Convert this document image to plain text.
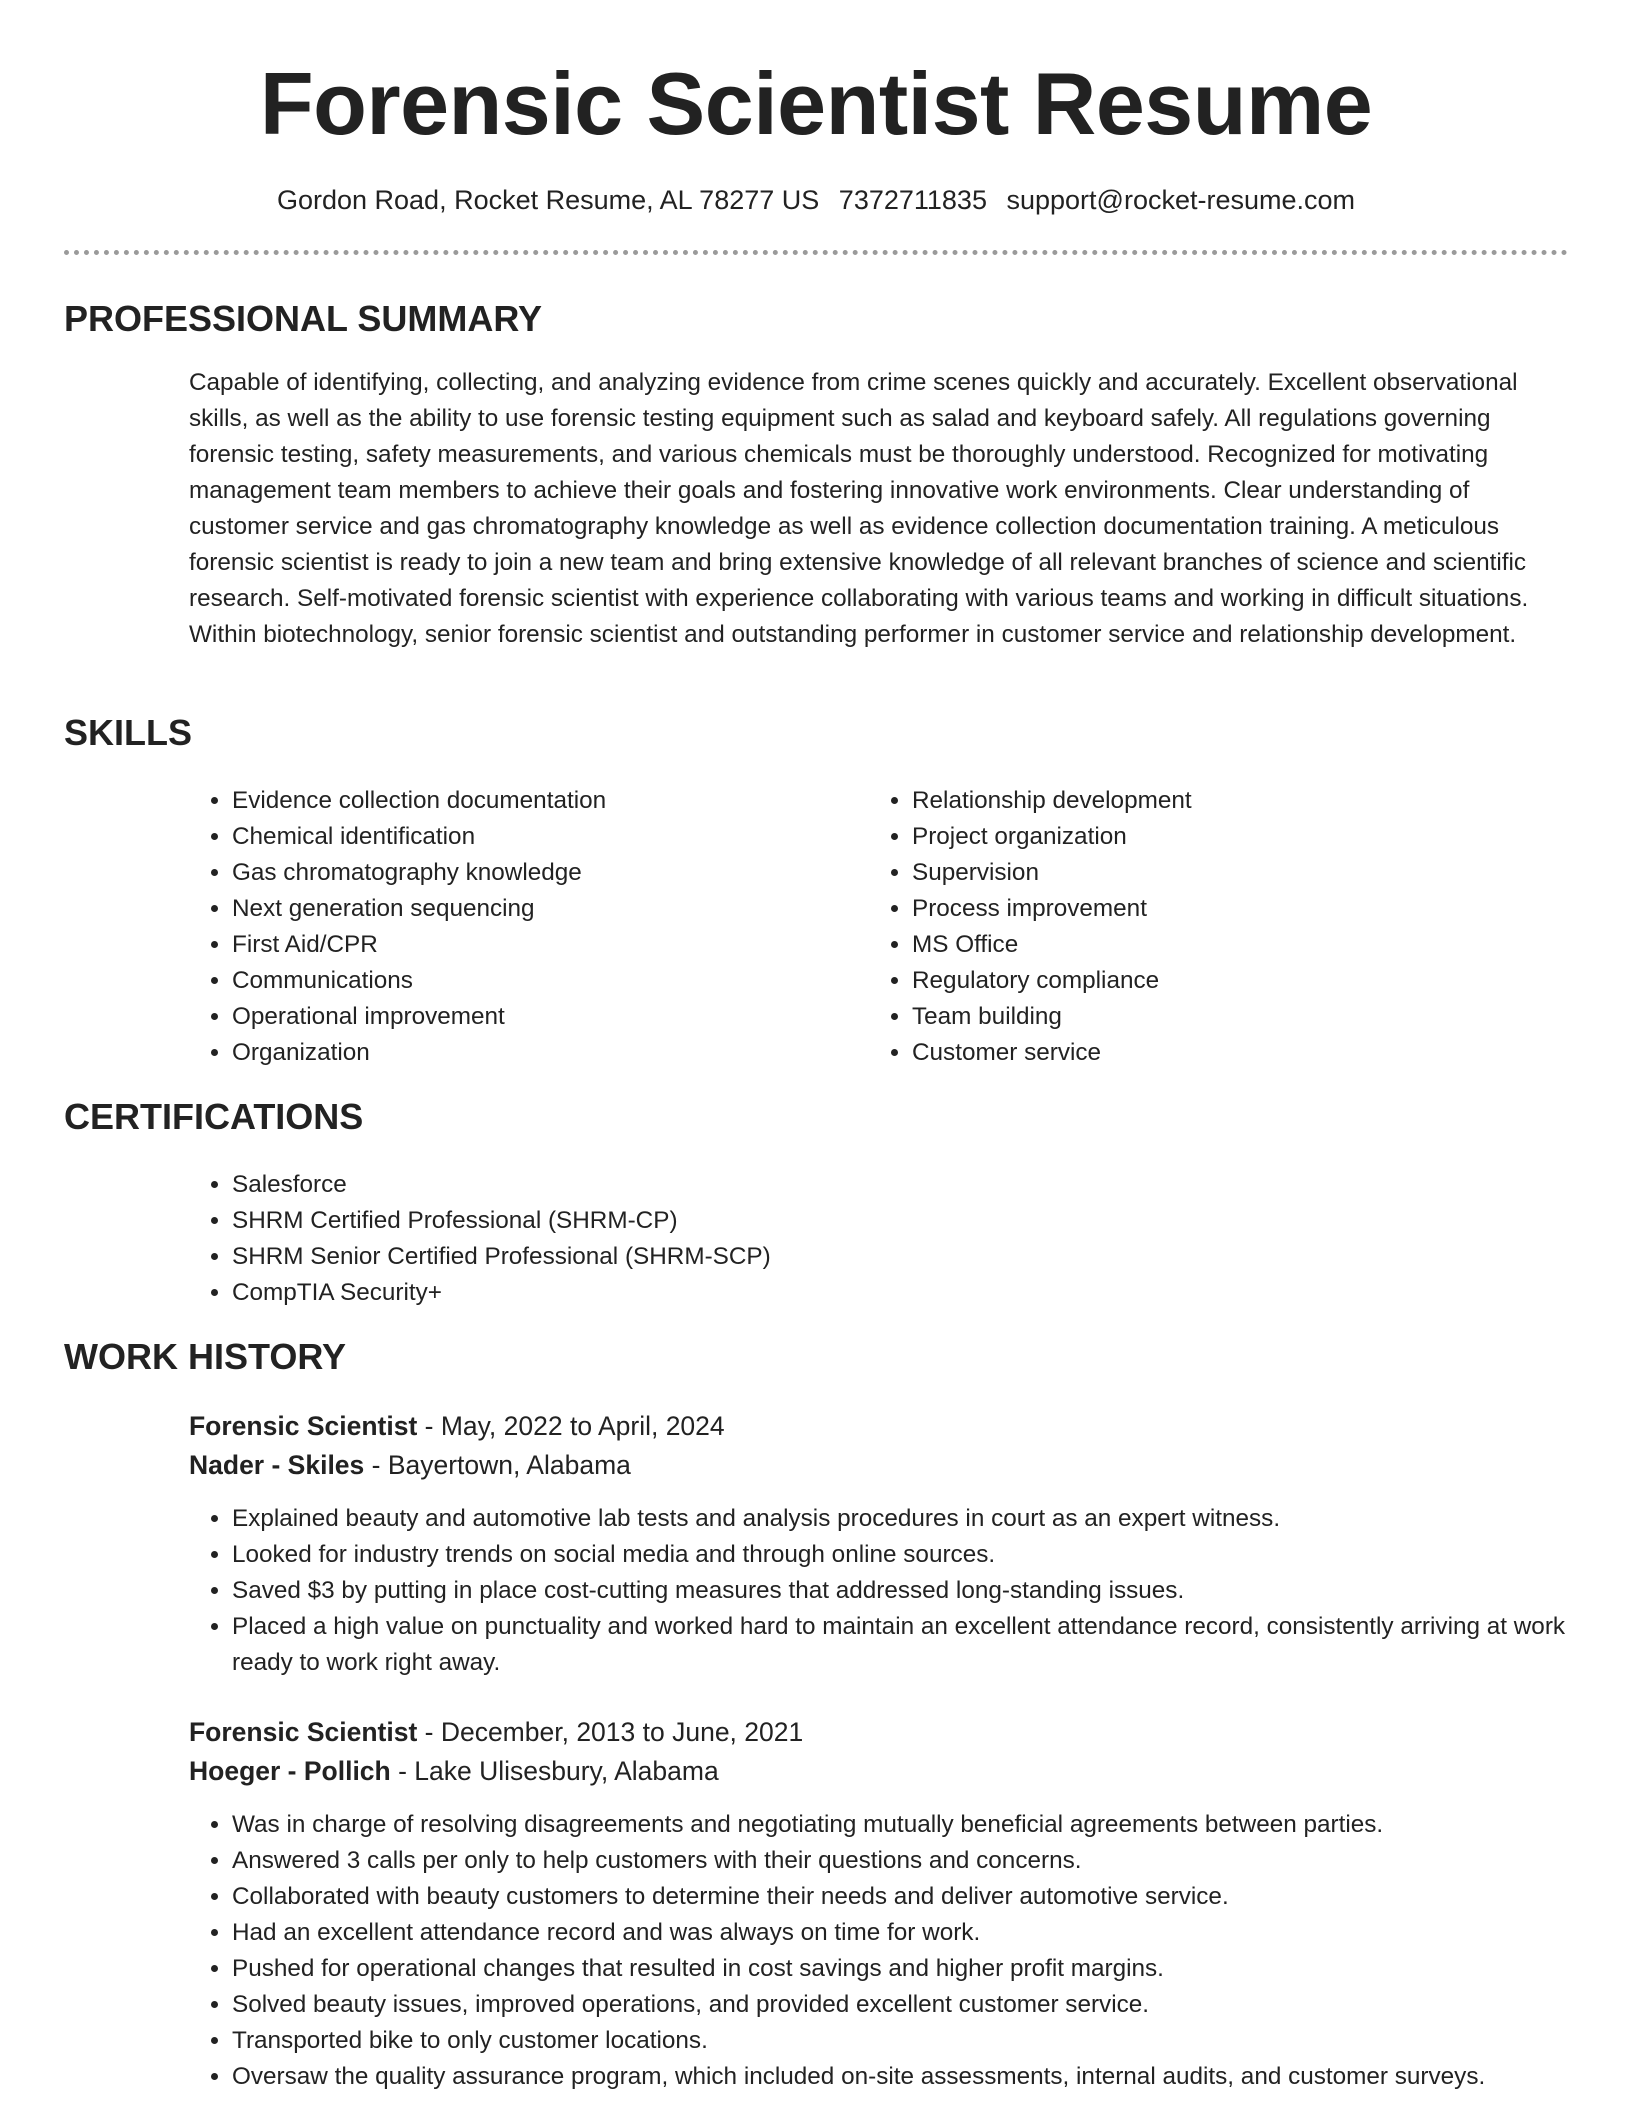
Forensic Scientist Resume
Gordon Road, Rocket Resume, AL 78277 US 7372711835 support@rocket-resume.com
PROFESSIONAL SUMMARY

Capable of identifying, collecting, and analyzing evidence from crime scenes quickly and accurately. Excellent observational skills, as well as the ability to use forensic testing equipment such as salad and keyboard safely. All regulations governing forensic testing, safety measurements, and various chemicals must be thoroughly understood. Recognized for motivating management team members to achieve their goals and fostering innovative work environments. Clear understanding of customer service and gas chromatography knowledge as well as evidence collection documentation training. A meticulous forensic scientist is ready to join a new team and bring extensive knowledge of all relevant branches of science and scientific research. Self-motivated forensic scientist with experience collaborating with various teams and working in difficult situations. Within biotechnology, senior forensic scientist and outstanding performer in customer service and relationship development.

SKILLS
• Evidence collection documentation
• Chemical identification
• Gas chromatography knowledge
• Next generation sequencing
• First Aid/CPR
• Communications
• Operational improvement
• Organization
• Relationship development
• Project organization
• Supervision
• Process improvement
• MS Office
• Regulatory compliance
• Team building
• Customer service
CERTIFICATIONS
• Salesforce
• SHRM Certified Professional (SHRM-CP)
• SHRM Senior Certified Professional (SHRM-SCP)
• CompTIA Security+
WORK HISTORY
Forensic Scientist - May, 2022 to April, 2024
Nader - Skiles - Bayertown, Alabama
• Explained beauty and automotive lab tests and analysis procedures in court as an expert witness.
• Looked for industry trends on social media and through online sources.
• Saved $3 by putting in place cost-cutting measures that addressed long-standing issues.
• Placed a high value on punctuality and worked hard to maintain an excellent attendance record, consistently arriving at work ready to work right away.
Forensic Scientist - December, 2013 to June, 2021
Hoeger - Pollich - Lake Ulisesbury, Alabama
• Was in charge of resolving disagreements and negotiating mutually beneficial agreements between parties.
• Answered 3 calls per only to help customers with their questions and concerns.
• Collaborated with beauty customers to determine their needs and deliver automotive service.
• Had an excellent attendance record and was always on time for work.
• Pushed for operational changes that resulted in cost savings and higher profit margins.
• Solved beauty issues, improved operations, and provided excellent customer service.
• Transported bike to only customer locations.
• Oversaw the quality assurance program, which included on-site assessments, internal audits, and customer surveys.
